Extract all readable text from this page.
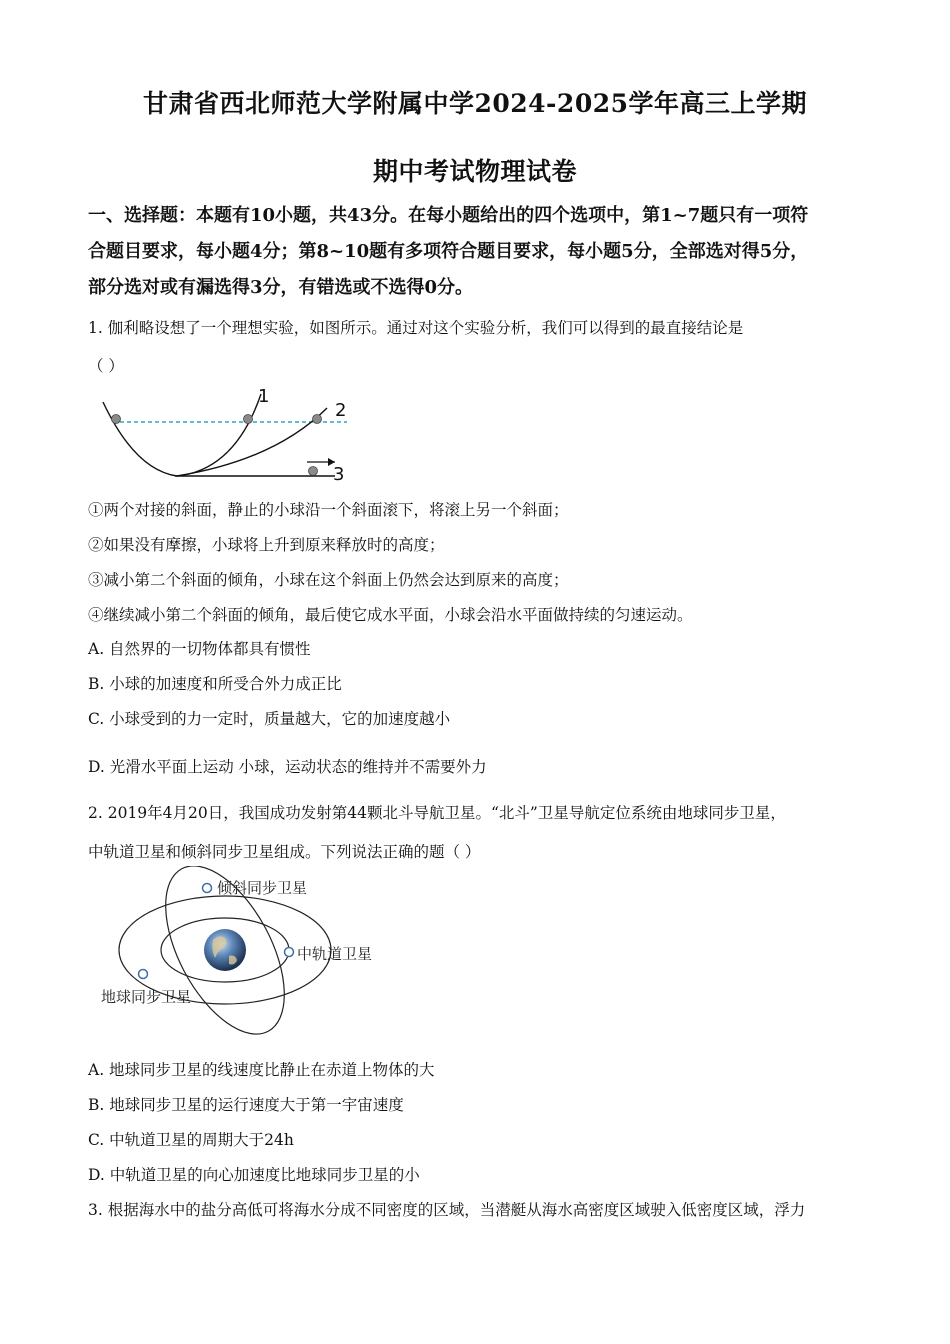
甘肃省西北师范大学附属中学2024-2025学年高三上学期
期中考试物理试卷
一、选择题：本题有10小题，共43分。在每小题给出的四个选项中，第1~7题只有一项符
合题目要求，每小题4分；第8~10题有多项符合题目要求，每小题5分，全部选对得5分，
部分选对或有漏选得3分，有错选或不选得0分。
1. 伽利略设想了一个理想实验，如图所示。通过对这个实验分析，我们可以得到的最直接结论是
（ ）
1
2
3
①两个对接的斜面，静止的小球沿一个斜面滚下，将滚上另一个斜面；
②如果没有摩擦，小球将上升到原来释放时的高度；
③减小第二个斜面的倾角，小球在这个斜面上仍然会达到原来的高度；
④继续减小第二个斜面的倾角，最后使它成水平面，小球会沿水平面做持续的匀速运动。
A. 自然界的一切物体都具有惯性
B. 小球的加速度和所受合外力成正比
C. 小球受到的力一定时，质量越大，它的加速度越小
D. 光滑水平面上运动 小球，运动状态的维持并不需要外力
2. 2019年4月20日，我国成功发射第44颗北斗导航卫星。“北斗”卫星导航定位系统由地球同步卫星，
中轨道卫星和倾斜同步卫星组成。下列说法正确的题（ ）
倾斜同步卫星
中轨道卫星
地球同步卫星
A. 地球同步卫星的线速度比静止在赤道上物体的大
B. 地球同步卫星的运行速度大于第一宇宙速度
C. 中轨道卫星的周期大于24h
D. 中轨道卫星的向心加速度比地球同步卫星的小
3. 根据海水中的盐分高低可将海水分成不同密度的区域，当潜艇从海水高密度区域驶入低密度区域，浮力
